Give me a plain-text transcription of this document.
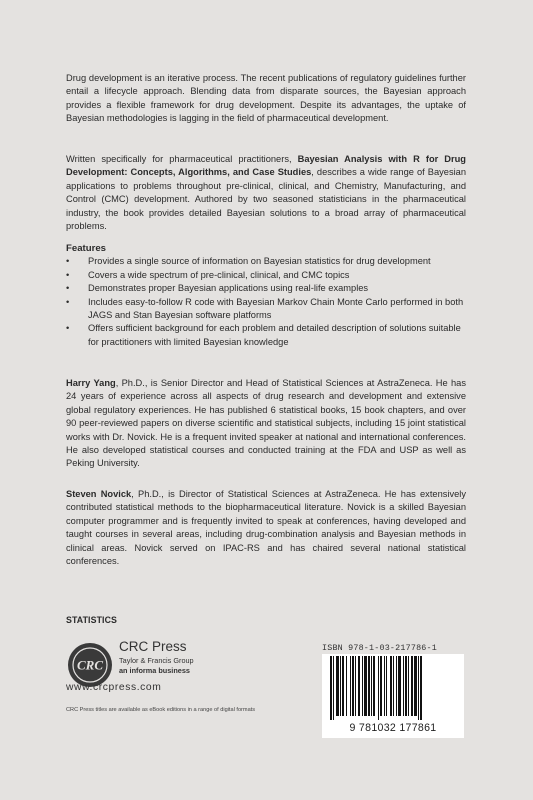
Drug development is an iterative process. The recent publications of regulatory guidelines further entail a lifecycle approach. Blending data from disparate sources, the Bayesian approach provides a flexible framework for drug development. Despite its advantages, the uptake of Bayesian methodologies is lagging in the field of pharmaceutical development.
Written specifically for pharmaceutical practitioners, Bayesian Analysis with R for Drug Development: Concepts, Algorithms, and Case Studies, describes a wide range of Bayesian applications to problems throughout pre-clinical, clinical, and Chemistry, Manufacturing, and Control (CMC) development. Authored by two seasoned statisticians in the pharmaceutical industry, the book provides detailed Bayesian solutions to a broad array of pharmaceutical problems.
Features
• Provides a single source of information on Bayesian statistics for drug development
• Covers a wide spectrum of pre-clinical, clinical, and CMC topics
• Demonstrates proper Bayesian applications using real-life examples
• Includes easy-to-follow R code with Bayesian Markov Chain Monte Carlo performed in both JAGS and Stan Bayesian software platforms
• Offers sufficient background for each problem and detailed description of solutions suitable for practitioners with limited Bayesian knowledge
Harry Yang, Ph.D., is Senior Director and Head of Statistical Sciences at AstraZeneca. He has 24 years of experience across all aspects of drug research and development and extensive global regulatory experiences. He has published 6 statistical books, 15 book chapters, and over 90 peer-reviewed papers on diverse scientific and statistical subjects, including 15 joint statistical works with Dr. Novick. He is a frequent invited speaker at national and international conferences. He also developed statistical courses and conducted training at the FDA and USP as well as Peking University.
Steven Novick, Ph.D., is Director of Statistical Sciences at AstraZeneca. He has extensively contributed statistical methods to the biopharmaceutical literature. Novick is a skilled Bayesian computer programmer and is frequently invited to speak at conferences, having developed and taught courses in several areas, including drug-combination analysis and Bayesian methods in clinical areas. Novick served on IPAC-RS and has chaired several national statistical conferences.
STATISTICS
CRC
CRC Press
Taylor & Francis Group
an informa business
www.crcpress.com
CRC Press titles are available as eBook editions in a range of digital formats
ISBN 978-1-03-217786-1
9 781032 177861
